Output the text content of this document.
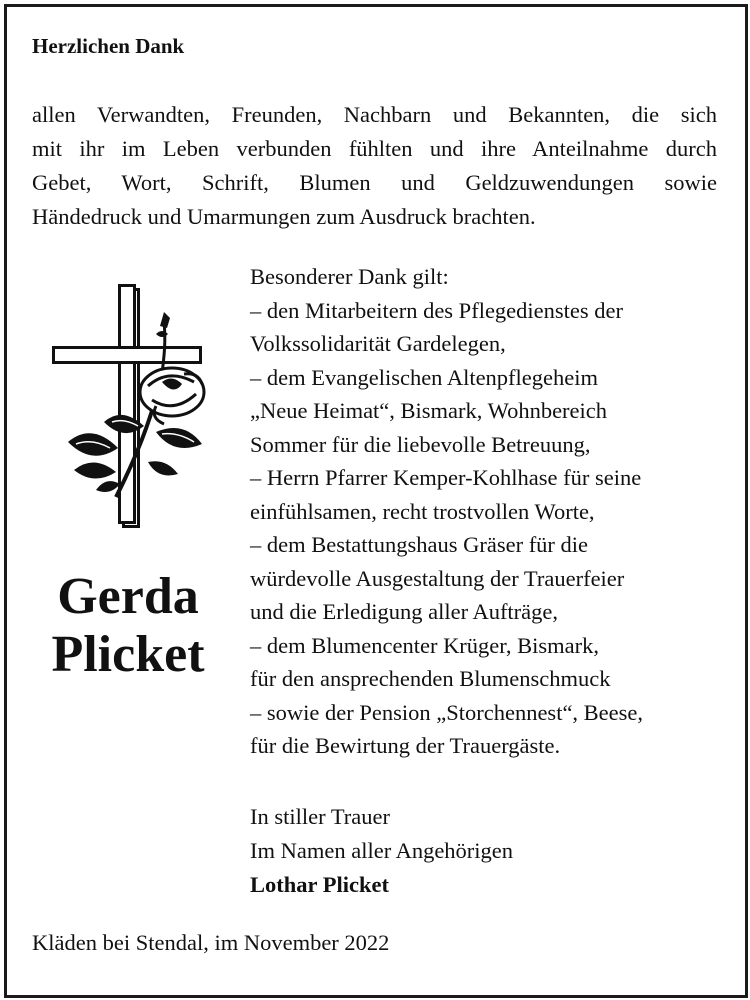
Herzlichen Dank
allen Verwandten, Freunden, Nachbarn und Bekannten, die sich
mit ihr im Leben verbunden fühlten und ihre Anteilnahme durch
Gebet, Wort, Schrift, Blumen und Geldzuwendungen sowie
Händedruck und Umarmungen zum Ausdruck brachten.
Gerda
Plicket
Besonderer Dank gilt:
– den Mitarbeitern des Pflegedienstes der
Volkssolidarität Gardelegen,
– dem Evangelischen Altenpflegeheim
„Neue Heimat“, Bismark, Wohnbereich
Sommer für die liebevolle Betreuung,
– Herrn Pfarrer Kemper-Kohlhase für seine
einfühlsamen, recht trostvollen Worte,
– dem Bestattungshaus Gräser für die
würdevolle Ausgestaltung der Trauerfeier
und die Erledigung aller Aufträge,
– dem Blumencenter Krüger, Bismark,
für den ansprechenden Blumenschmuck
– sowie der Pension „Storchennest“, Beese,
für die Bewirtung der Trauergäste.
In stiller Trauer
Im Namen aller Angehörigen
Lothar Plicket
Kläden bei Stendal, im November 2022
